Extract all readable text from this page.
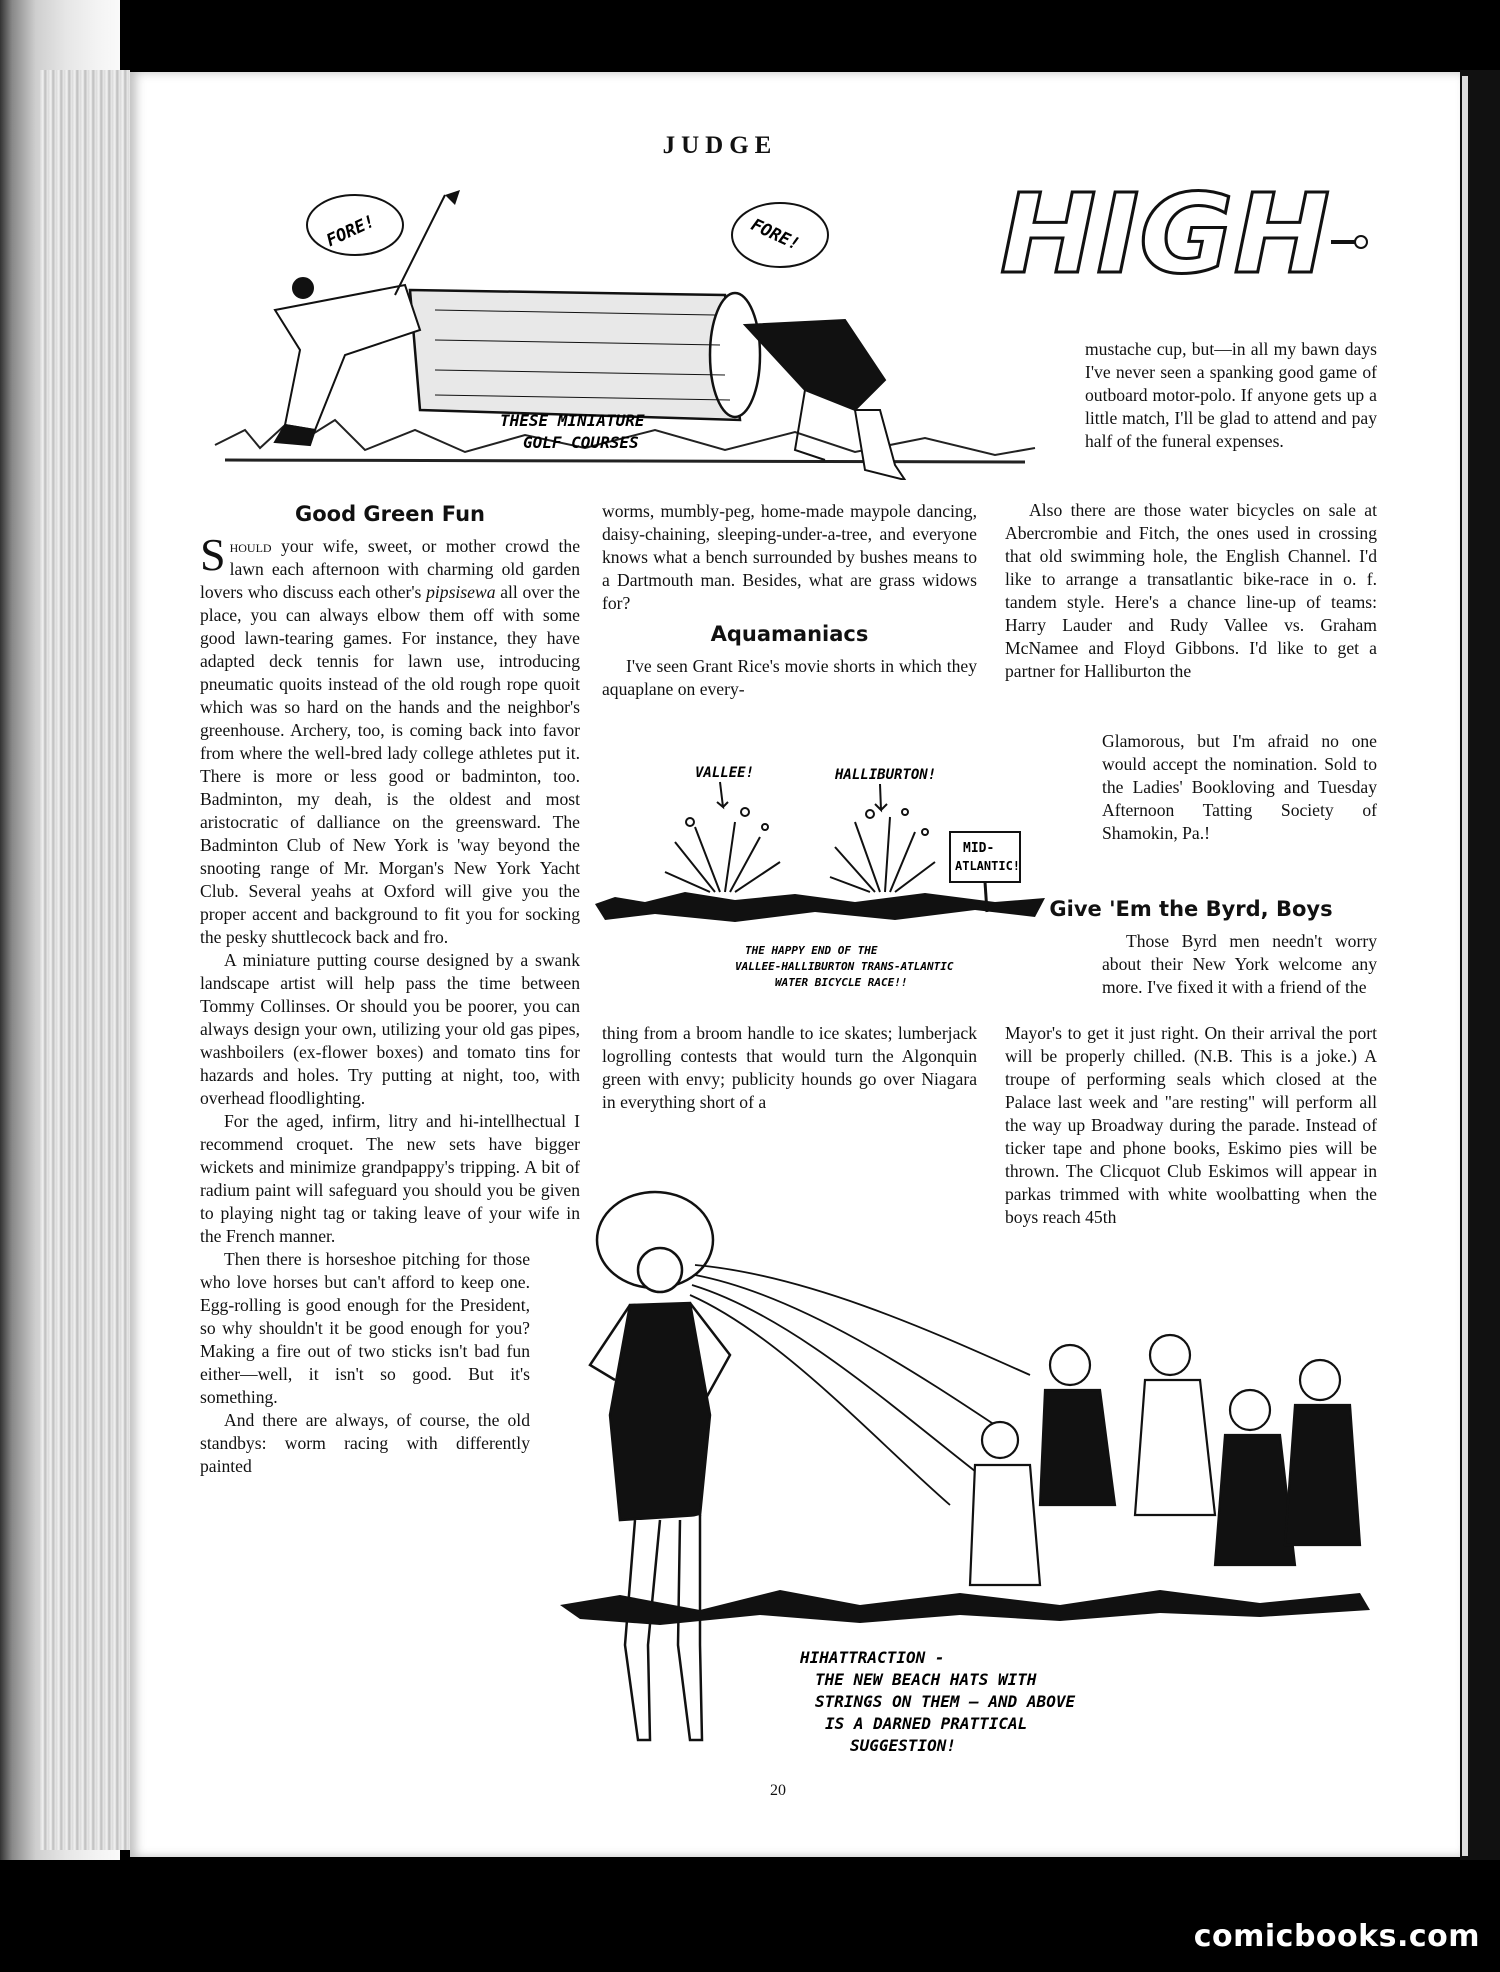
JUDGE
HIGH
FORE!	FORE!
THESE MINIATURE
GOLF COURSES
Good Green Fun

Should your wife, sweet, or mother crowd the lawn each afternoon with charming old garden lovers who discuss each other's pipsisewa all over the place, you can always elbow them off with some good lawn-tearing games. For instance, they have adapted deck tennis for lawn use, introducing pneumatic quoits instead of the old rough rope quoit which was so hard on the hands and the neighbor's greenhouse. Archery, too, is coming back into favor from where the well-bred lady college athletes put it. There is more or less good or badminton, too. Badminton, my deah, is the oldest and most aristocratic of dalliance on the greensward. The Badminton Club of New York is 'way beyond the snooting range of Mr. Morgan's New York Yacht Club. Several yeahs at Oxford will give you the proper accent and background to fit you for socking the pesky shuttlecock back and fro.

A miniature putting course designed by a swank landscape artist will help pass the time between Tommy Collinses. Or should you be poorer, you can always design your own, utilizing your old gas pipes, washboilers (ex-flower boxes) and tomato tins for hazards and holes. Try putting at night, too, with overhead floodlighting.

For the aged, infirm, litry and hi-intellhectual I recommend croquet. The new sets have bigger wickets and minimize grandpappy's tripping. A bit of radium paint will safeguard you should you be given to playing night tag or taking leave of your wife in the French manner.

Then there is horseshoe pitching for those who love horses but can't afford to keep one. Egg-rolling is good enough for the President, so why shouldn't it be good enough for you? Making a fire out of two sticks isn't bad fun either—well, it isn't so good. But it's something.

And there are always, of course, the old standbys: worm racing with differently painted

worms, mumbly-peg, home-made maypole dancing, daisy-chaining, sleeping-under-a-tree, and everyone knows what a bench surrounded by bushes means to a Dartmouth man. Besides, what are grass widows for?

Aquamaniacs

I've seen Grant Rice's movie shorts in which they aquaplane on every-

VALLEE!	HALLIBURTON!
MID-
ATLANTIC!
THE HAPPY END OF THE
VALLEE-HALLIBURTON TRANS-ATLANTIC
WATER BICYCLE RACE!!

thing from a broom handle to ice skates; lumberjack logrolling contests that would turn the Algonquin green with envy; publicity hounds go over Niagara in everything short of a

mustache cup, but—in all my bawn days I've never seen a spanking good game of outboard motor-polo. If anyone gets up a little match, I'll be glad to attend and pay half of the funeral expenses.

Also there are those water bicycles on sale at Abercrombie and Fitch, the ones used in crossing that old swimming hole, the English Channel. I'd like to arrange a transatlantic bike-race in o. f. tandem style. Here's a chance line-up of teams: Harry Lauder and Rudy Vallee vs. Graham McNamee and Floyd Gibbons. I'd like to get a partner for Halliburton the

Glamorous, but I'm afraid no one would accept the nomination. Sold to the Ladies' Bookloving and Tuesday Afternoon Tatting Society of Shamokin, Pa.!

Give 'Em the Byrd, Boys

Those Byrd men needn't worry about their New York welcome any more. I've fixed it with a friend of the

Mayor's to get it just right. On their arrival the port will be properly chilled. (N.B. This is a joke.) A troupe of performing seals which closed at the Palace last week and "are resting" will perform all the way up Broadway during the parade. Instead of ticker tape and phone books, Eskimo pies will be thrown. The Clicquot Club Eskimos will appear in parkas trimmed with white woolbatting when the boys reach 45th

HIHATTRACTION -
THE NEW BEACH HATS WITH
STRINGS ON THEM — AND ABOVE
IS A DARNED PRATTICAL
SUGGESTION!
20
comicbooks.com
